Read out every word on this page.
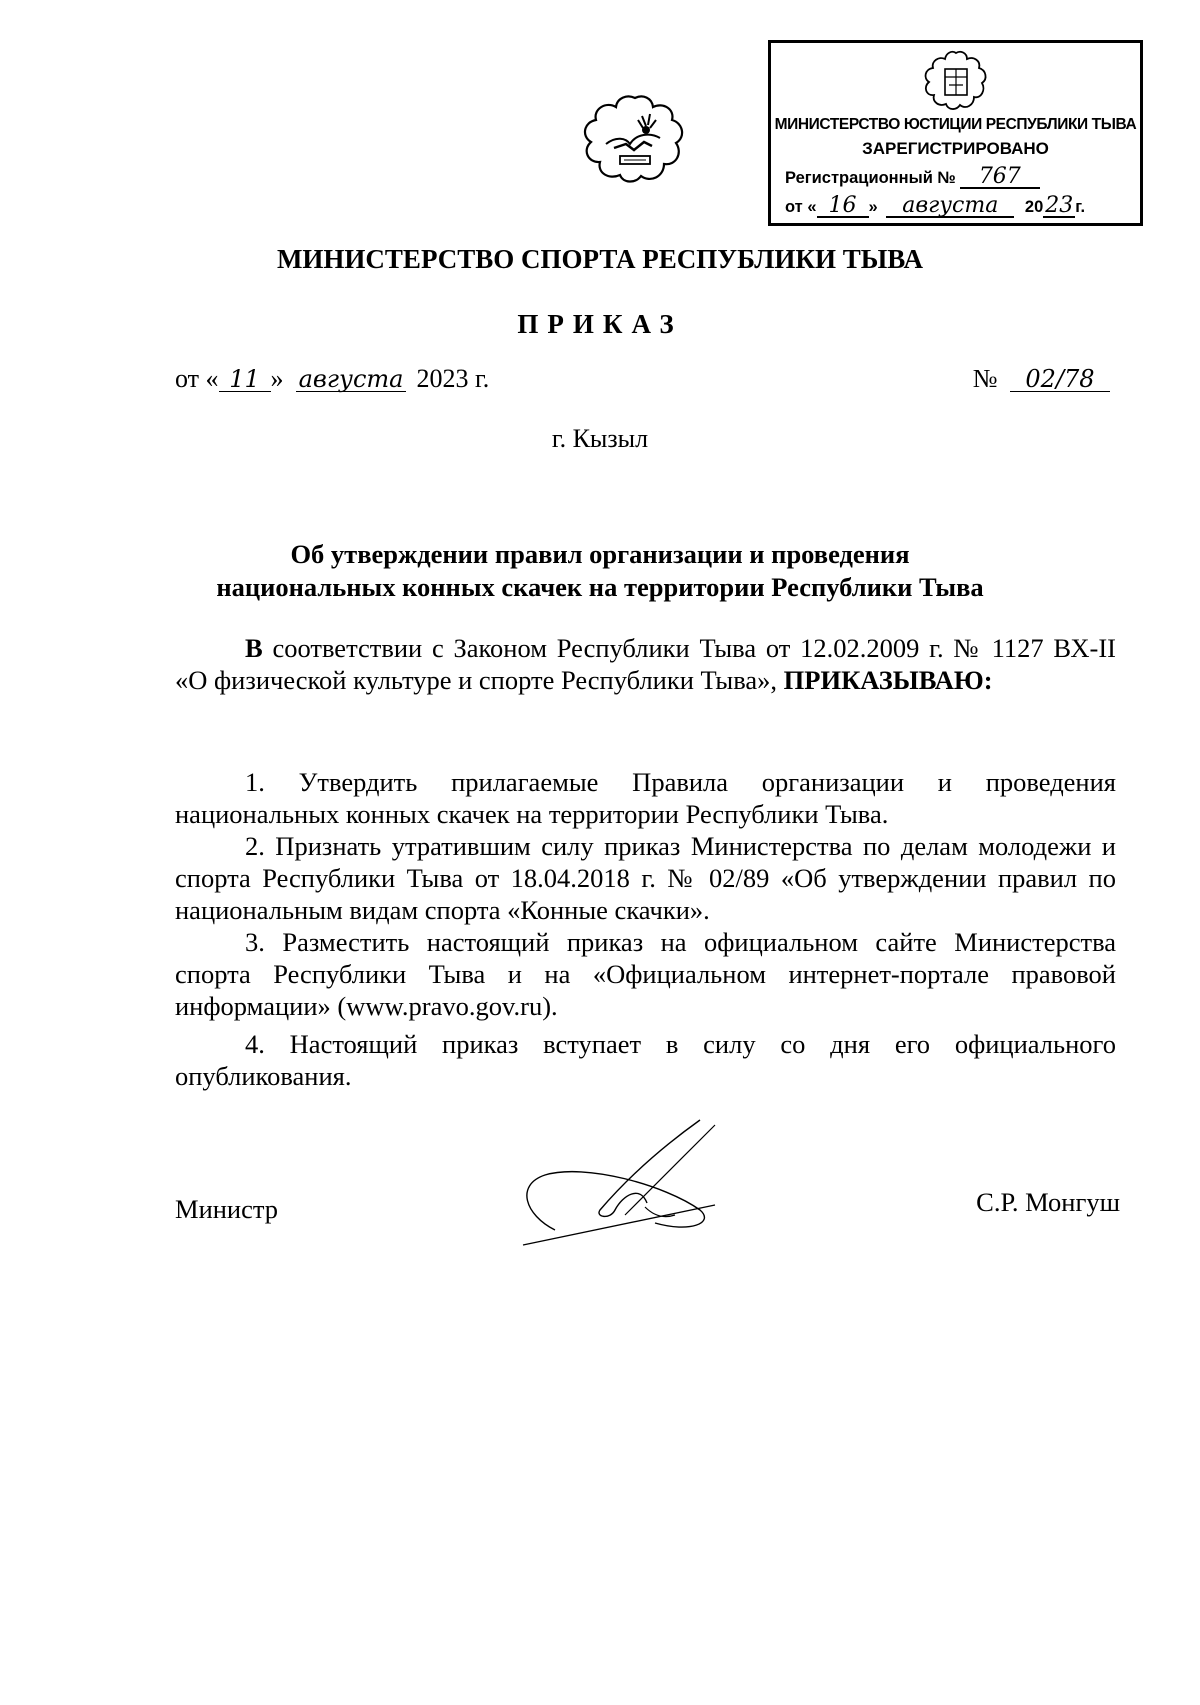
МИНИСТЕРСТВО ЮСТИЦИИ РЕСПУБЛИКИ ТЫВА
ЗАРЕГИСТРИРОВАНО
Регистрационный № 767
от « 16 » августа 2023 г.
МИНИСТЕРСТВО СПОРТА РЕСПУБЛИКИ ТЫВА
ПРИКАЗ
от « 11 » августа 2023 г.	№ 02/78
г. Кызыл
Об утверждении правил организации и проведения
национальных конных скачек на территории Республики Тыва

В соответствии с Законом Республики Тыва от 12.02.2009 г. № 1127 ВХ-II «О физической культуре и спорте Республики Тыва», ПРИКАЗЫВАЮ:

1. Утвердить прилагаемые Правила организации и проведения национальных конных скачек на территории Республики Тыва.

2. Признать утратившим силу приказ Министерства по делам молодежи и спорта Республики Тыва от 18.04.2018 г. № 02/89 «Об утверждении правил по национальным видам спорта «Конные скачки».

3. Разместить настоящий приказ на официальном сайте Министерства спорта Республики Тыва и на «Официальном интернет-портале правовой информации» (www.pravo.gov.ru).

4. Настоящий приказ вступает в силу со дня его официального опубликования.

Министр	С.Р. Монгуш
